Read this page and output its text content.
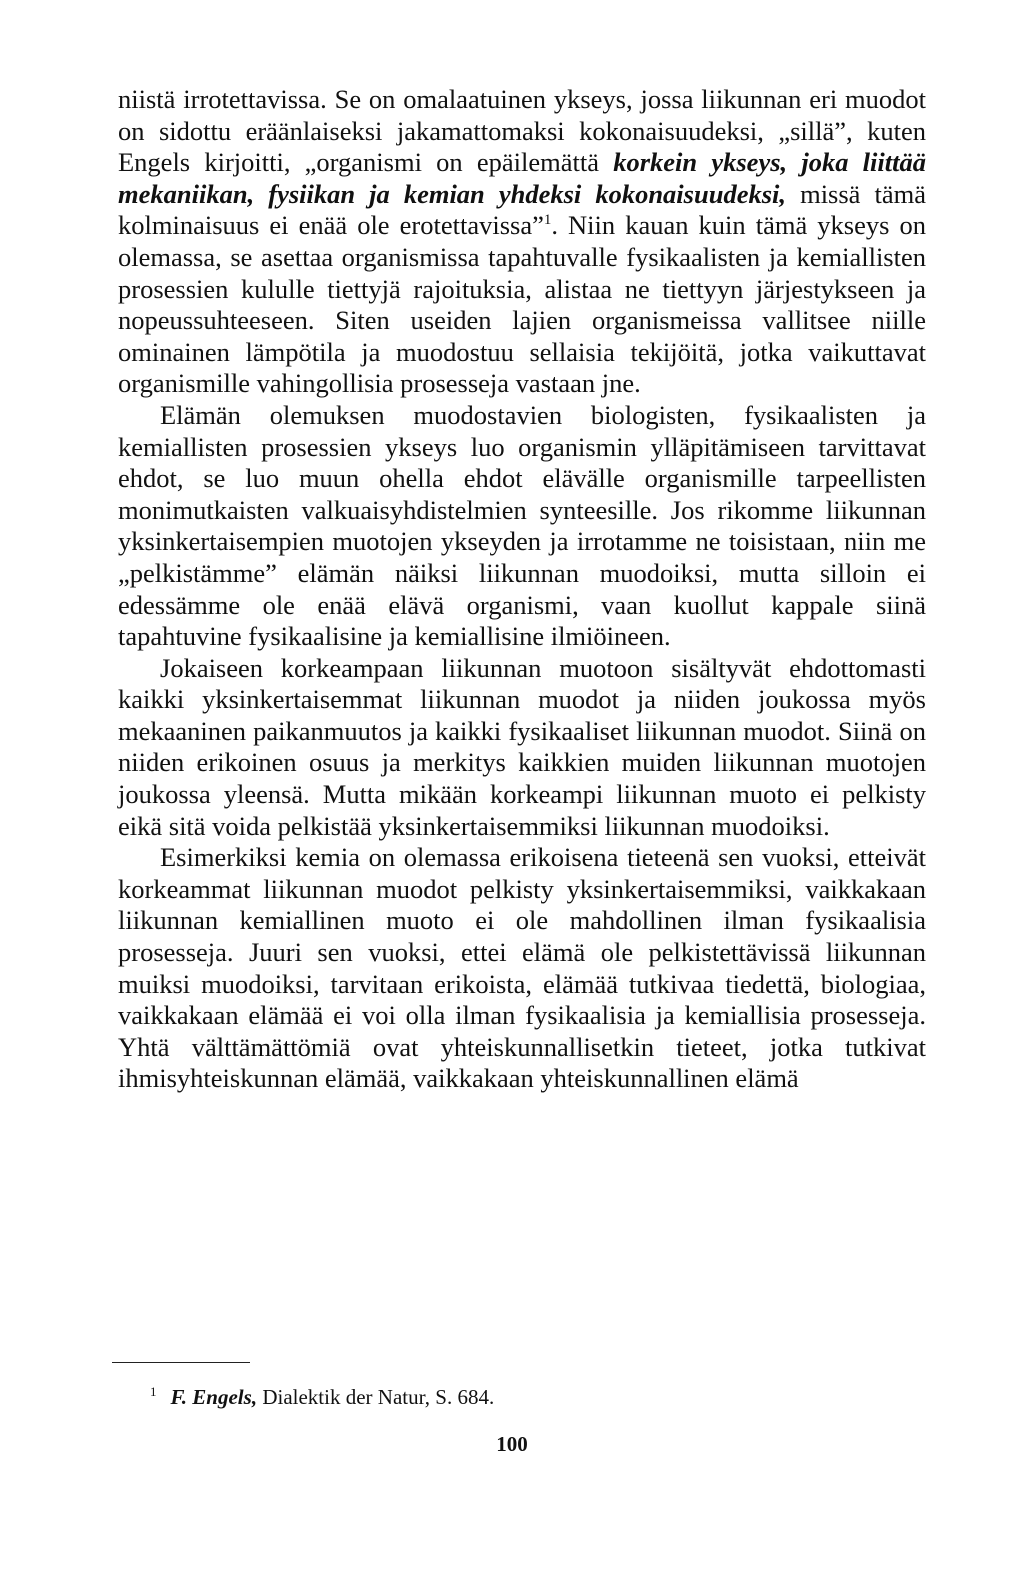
niistä irrotettavissa. Se on omalaatuinen ykseys, jossa liikunnan eri muodot on sidottu eräänlaiseksi jakamattomaksi kokonaisuudeksi, „sillä”, kuten Engels kirjoitti, „organismi on epäilemättä korkein ykseys, joka liittää mekaniikan, fysiikan ja kemian yhdeksi kokonaisuudeksi, missä tämä kolminaisuus ei enää ole erotettavissa”$^1$. Niin kauan kuin tämä ykseys on olemassa, se asettaa organismissa tapahtuvalle fysikaalisten ja kemiallisten prosessien kululle tiettyjä rajoituksia, alistaa ne tiettyyn järjestykseen ja nopeussuhteeseen. Siten useiden lajien organismeissa vallitsee niille ominainen lämpötila ja muodostuu sellaisia tekijöitä, jotka vaikuttavat organismille vahingollisia prosesseja vastaan jne.

Elämän olemuksen muodostavien biologisten, fysikaalisten ja kemiallisten prosessien ykseys luo organismin ylläpitämiseen tarvittavat ehdot, se luo muun ohella ehdot elävälle organismille tarpeellisten monimutkaisten valkuaisyhdistelmien synteesille. Jos rikomme liikunnan yksinkertaisempien muotojen ykseyden ja irrotamme ne toisistaan, niin me „pelkistämme” elämän näiksi liikunnan muodoiksi, mutta silloin ei edessämme ole enää elävä organismi, vaan kuollut kappale siinä tapahtuvine fysikaalisine ja kemiallisine ilmiöineen.

Jokaiseen korkeampaan liikunnan muotoon sisältyvät ehdottomasti kaikki yksinkertaisemmat liikunnan muodot ja niiden joukossa myös mekaaninen paikanmuutos ja kaikki fysikaaliset liikunnan muodot. Siinä on niiden erikoinen osuus ja merkitys kaikkien muiden liikunnan muotojen joukossa yleensä. Mutta mikään korkeampi liikunnan muoto ei pelkisty eikä sitä voida pelkistää yksinkertaisemmiksi liikunnan muodoiksi.

Esimerkiksi kemia on olemassa erikoisena tieteenä sen vuoksi, etteivät korkeammat liikunnan muodot pelkisty yksinkertaisemmiksi, vaikkakaan liikunnan kemiallinen muoto ei ole mahdollinen ilman fysikaalisia prosesseja. Juuri sen vuoksi, ettei elämä ole pelkistettävissä liikunnan muiksi muodoiksi, tarvitaan erikoista, elämää tutkivaa tiedettä, biologiaa, vaikkakaan elämää ei voi olla ilman fysikaalisia ja kemiallisia prosesseja. Yhtä välttämättömiä ovat yhteiskunnallisetkin tieteet, jotka tutkivat ihmisyhteiskunnan elämää, vaikkakaan yhteiskunnallinen elämä

$^1$ F. Engels, Dialektik der Natur, S. 684.
100
